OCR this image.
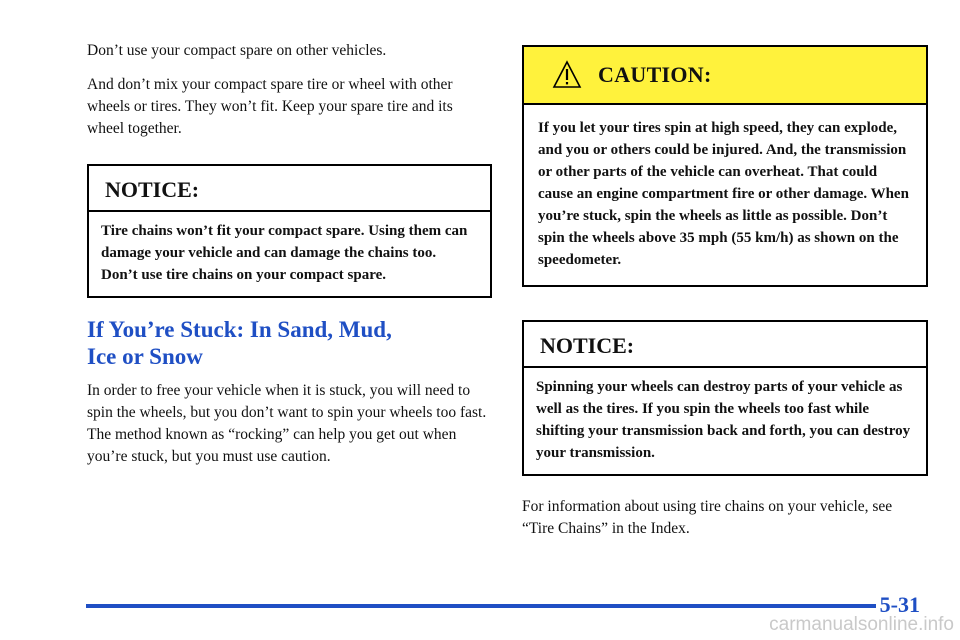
Don’t use your compact spare on other vehicles.

And don’t mix your compact spare tire or wheel with other wheels or tires. They won’t fit. Keep your spare tire and its wheel together.

NOTICE:
Tire chains won’t fit your compact spare. Using them can damage your vehicle and can damage the chains too. Don’t use tire chains on your compact spare.
If You’re Stuck: In Sand, Mud,
Ice or Snow

In order to free your vehicle when it is stuck, you will need to spin the wheels, but you don’t want to spin your wheels too fast. The method known as “rocking” can help you get out when you’re stuck, but you must use caution.

CAUTION:
If you let your tires spin at high speed, they can explode, and you or others could be injured. And, the transmission or other parts of the vehicle can overheat. That could cause an engine compartment fire or other damage. When you’re stuck, spin the wheels as little as possible. Don’t spin the wheels above 35 mph (55 km/h) as shown on the speedometer.
NOTICE:
Spinning your wheels can destroy parts of your vehicle as well as the tires. If you spin the wheels too fast while shifting your transmission back and forth, you can destroy your transmission.

For information about using tire chains on your vehicle, see “Tire Chains” in the Index.

5-31
carmanualsonline.info
